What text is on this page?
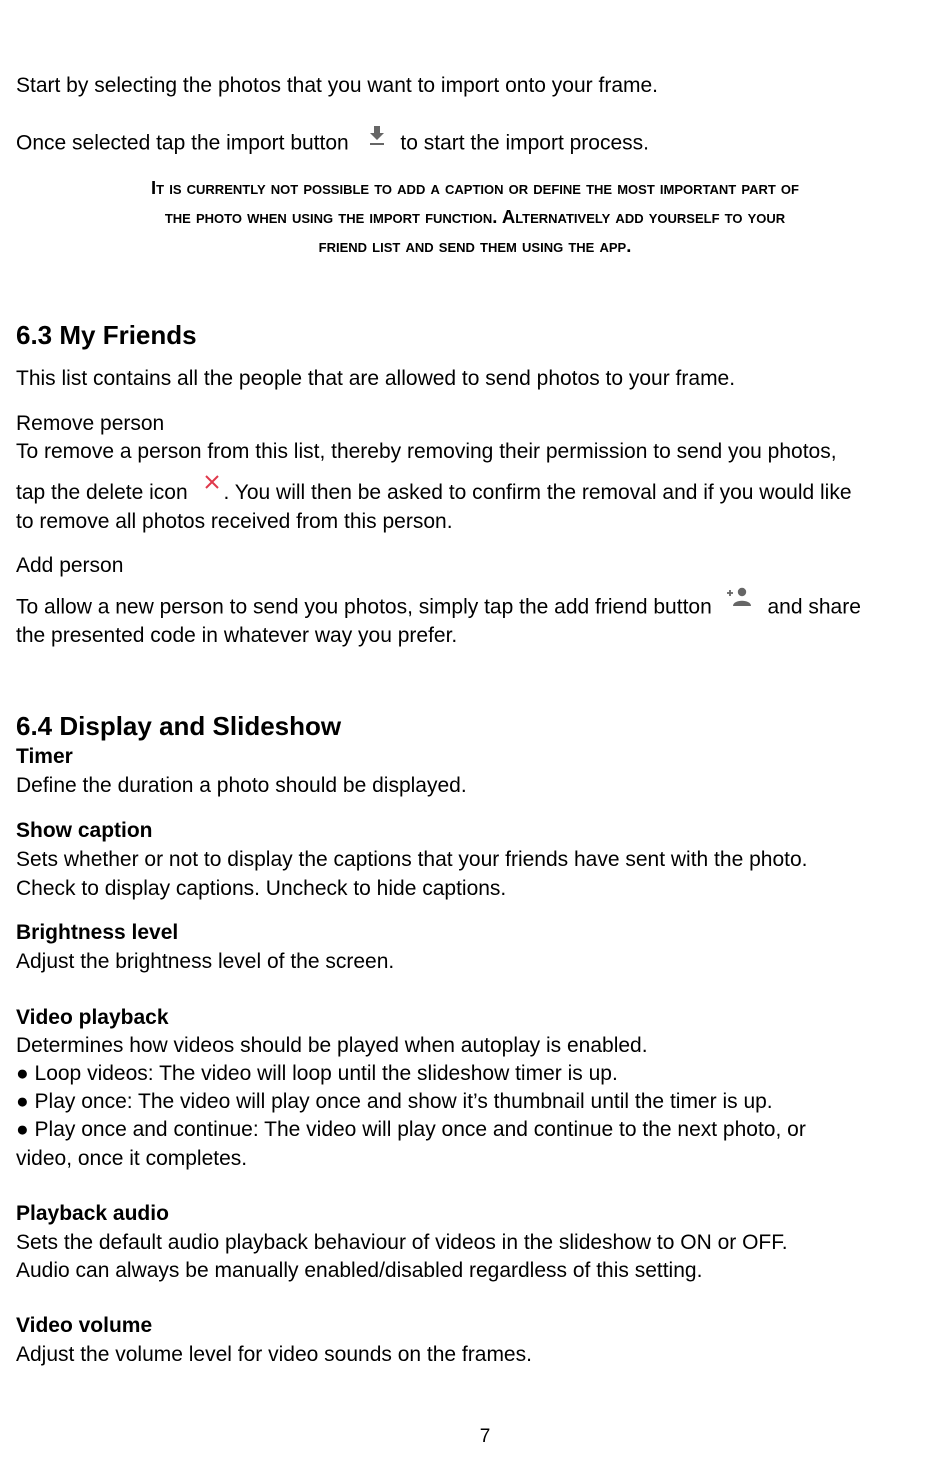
Start by selecting the photos that you want to import onto your frame.

Once selected tap the import button to start the import process.

It is currently not possible to add a caption or define the most important part of

the photo when using the import function. Alternatively add yourself to your

friend list and send them using the app.

6.3 My Friends

This list contains all the people that are allowed to send photos to your frame.

Remove person

To remove a person from this list, thereby removing their permission to send you photos,

tap the delete icon . You will then be asked to confirm the removal and if you would like

to remove all photos received from this person.

Add person

To allow a new person to send you photos, simply tap the add friend button	and share

the presented code in whatever way you prefer.

6.4 Display and Slideshow

Timer

Define the duration a photo should be displayed.

Show caption

Sets whether or not to display the captions that your friends have sent with the photo.

Check to display captions. Uncheck to hide captions.

Brightness level

Adjust the brightness level of the screen.

Video playback

Determines how videos should be played when autoplay is enabled.

● Loop videos: The video will loop until the slideshow timer is up.

● Play once: The video will play once and show it’s thumbnail until the timer is up.

● Play once and continue: The video will play once and continue to the next photo, or

video, once it completes.

Playback audio

Sets the default audio playback behaviour of videos in the slideshow to ON or OFF.

Audio can always be manually enabled/disabled regardless of this setting.

Video volume

Adjust the volume level for video sounds on the frames.

7
